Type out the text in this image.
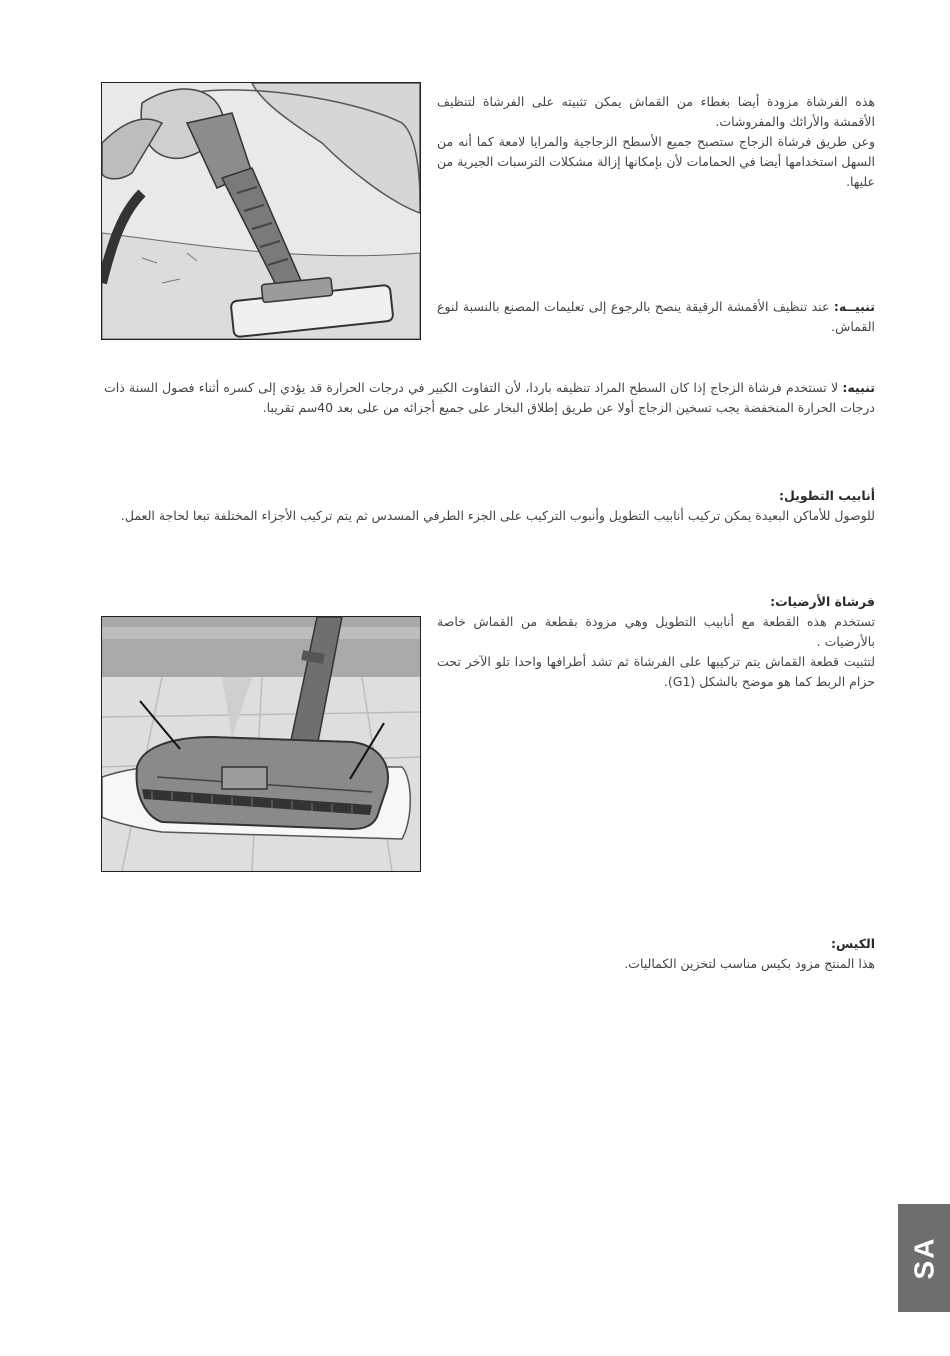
هذه الفرشاة مزودة أيضا بغطاء من القماش يمكن تثبيته على الفرشاة لتنظيف الأقمشة والأرائك والمفروشات.

وعن طريق فرشاة الزجاج ستصبح جميع الأسطح الزجاجية والمرايا لامعة كما أنه من السهل استخدامها أيضا في الحمامات لأن بإمكانها إزالة مشكلات الترسبات الجيرية من عليها.

تنبيــه: عند تنظيف الأقمشة الرقيقة ينصح بالرجوع إلى تعليمات المصنع بالنسبة لنوع القماش.

تنبيه: لا تستخدم فرشاة الزجاج إذا كان السطح المراد تنظيفه باردا، لأن التفاوت الكبير في درجات الحرارة قد يؤدي إلى كسره أثناء فصول السنة ذات درجات الحرارة المنخفضة يجب تسخين الزجاج أولا عن طريق إطلاق البخار على جميع أجزائه من على بعد 40سم تقريبا.

أنابيب التطويل:

للوصول للأماكن البعيدة يمكن تركيب أنابيب التطويل وأنبوب التركيب على الجزء الطرفي المسدس ثم يتم تركيب الأجزاء المختلفة تبعا لحاجة العمل.

فرشاة الأرضيات:

تستخدم هذه القطعة مع أنابيب التطويل وهي مزودة بقطعة من القماش خاصة بالأرضيات .

لتثبيت قطعة القماش يتم تركيبها على الفرشاة ثم تشد أطرافها واحدا تلو الآخر تحت حزام الربط كما هو موضح بالشكل (G1).

الكيس:

هذا المنتج مزود بكيس مناسب لتخزين الكماليات.

SA
